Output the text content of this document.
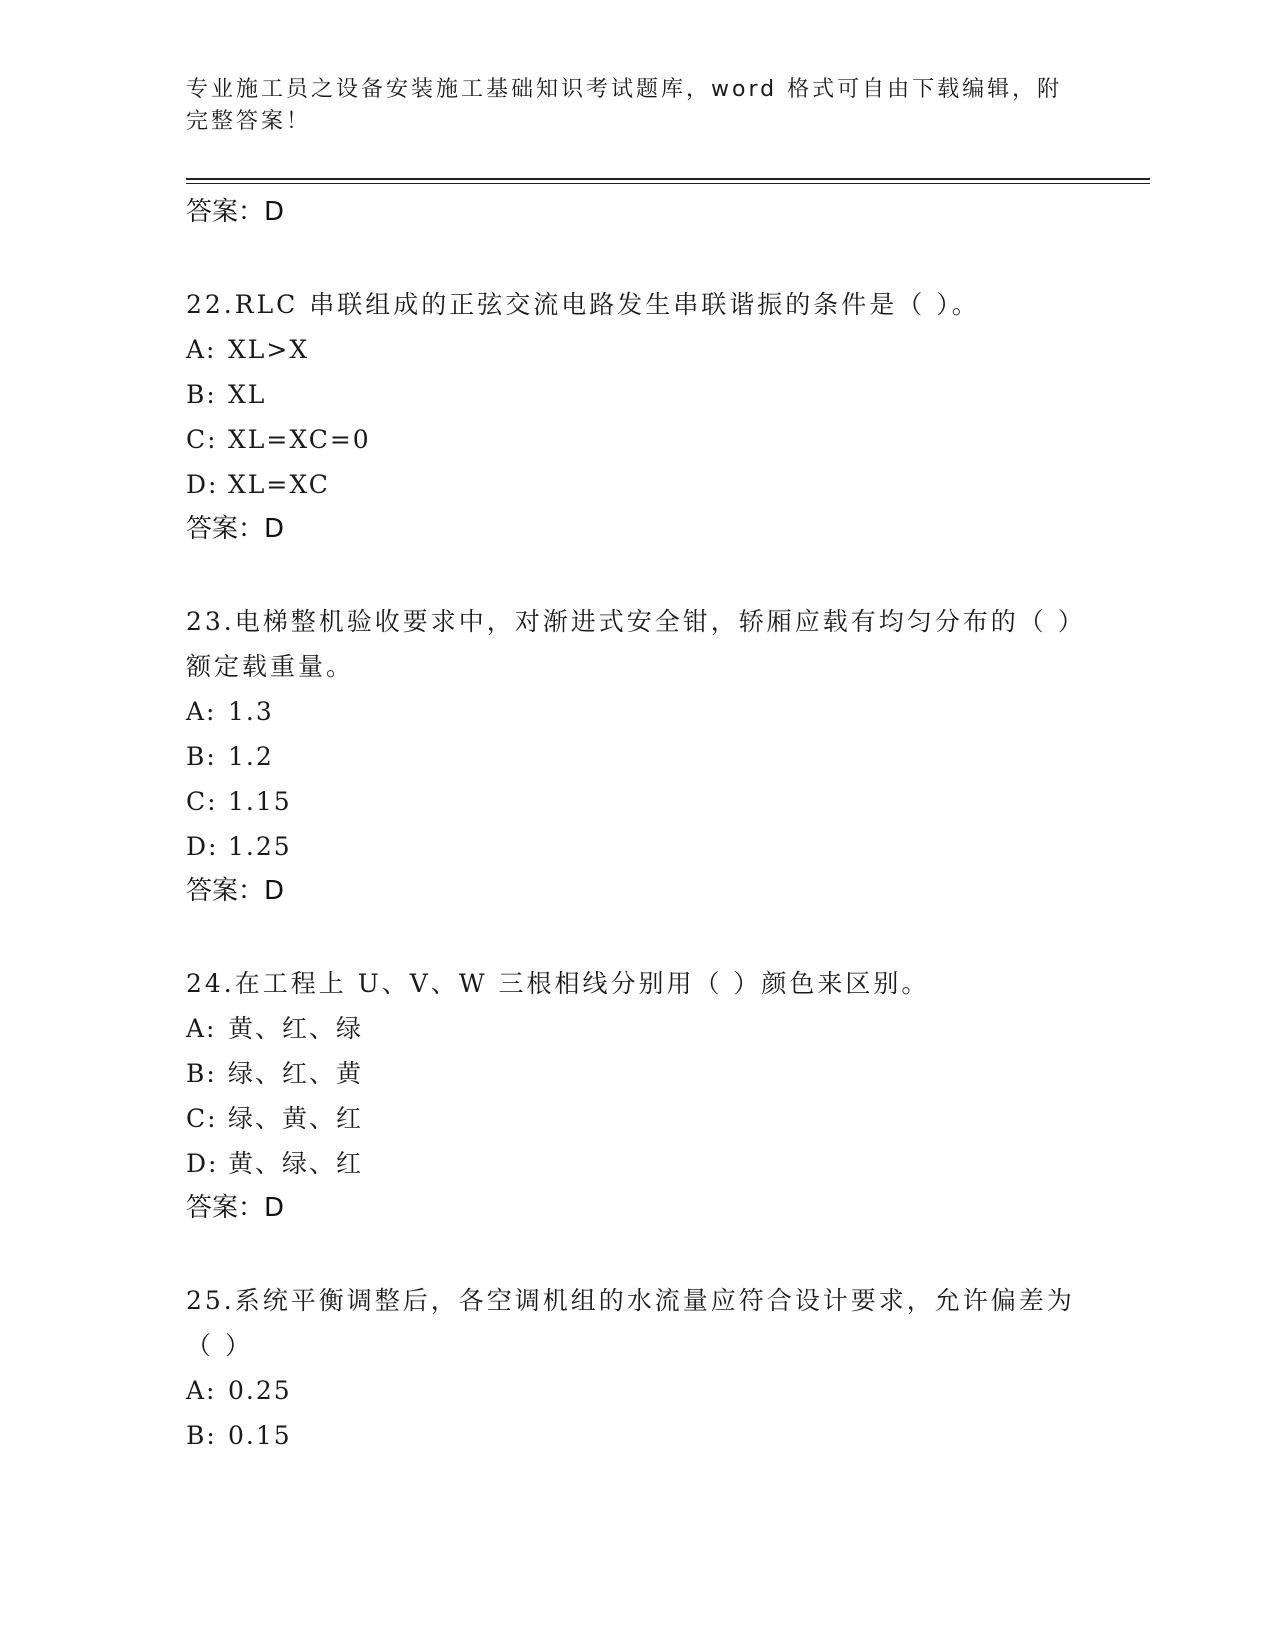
专业施工员之设备安装施工基础知识考试题库，word 格式可自由下载编辑，附完整答案！
答案：D
22.RLC 串联组成的正弦交流电路发生串联谐振的条件是（ ）。
A: XL>X
B: XL
C: XL=XC=0
D: XL=XC
答案：D
23.电梯整机验收要求中，对渐进式安全钳，轿厢应载有均匀分布的（ ）额定载重量。
A: 1.3
B: 1.2
C: 1.15
D: 1.25
答案：D
24.在工程上 U、V、W 三根相线分别用（ ）颜色来区别。
A: 黄、红、绿
B: 绿、红、黄
C: 绿、黄、红
D: 黄、绿、红
答案：D
25.系统平衡调整后，各空调机组的水流量应符合设计要求，允许偏差为（ ）
A: 0.25
B: 0.15
